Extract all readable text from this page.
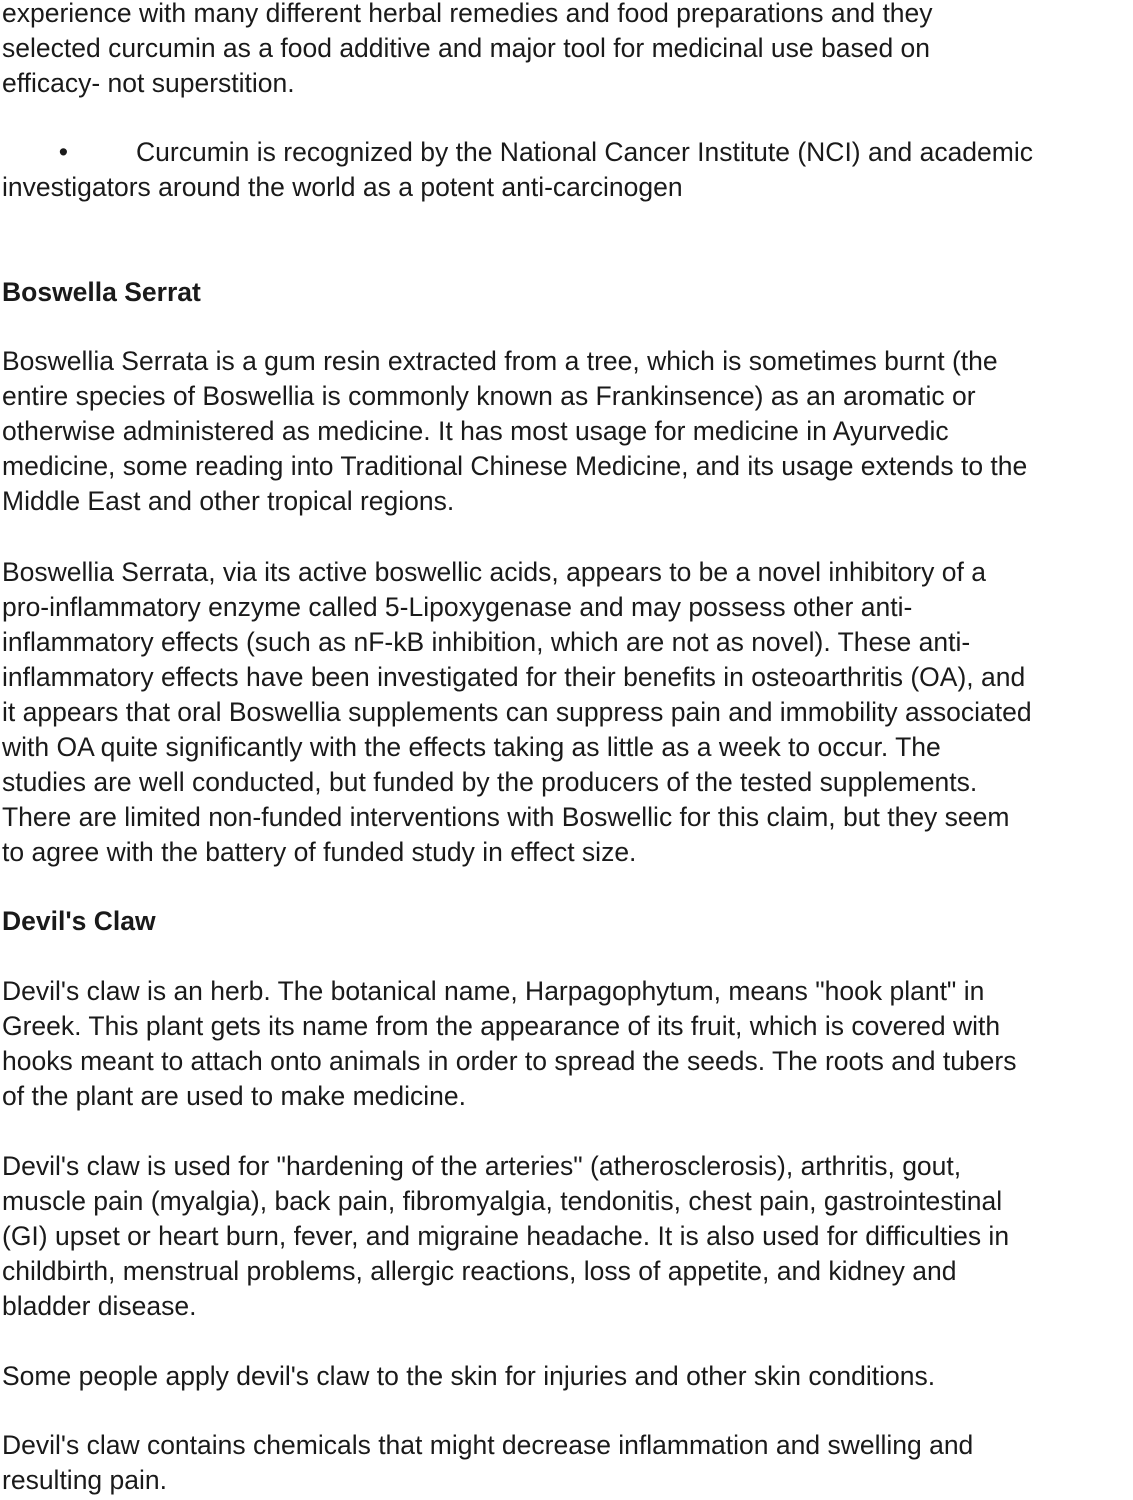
experience with many different herbal remedies and food preparations and they
selected curcumin as a food additive and major tool for medicinal use based on
efficacy- not superstition.
•	Curcumin is recognized by the National Cancer Institute (NCI) and academic
investigators around the world as a potent anti-carcinogen
Boswella Serrat
Boswellia Serrata is a gum resin extracted from a tree, which is sometimes burnt (the
entire species of Boswellia is commonly known as Frankinsence) as an aromatic or
otherwise administered as medicine. It has most usage for medicine in Ayurvedic
medicine, some reading into Traditional Chinese Medicine, and its usage extends to the
Middle East and other tropical regions.
Boswellia Serrata, via its active boswellic acids, appears to be a novel inhibitory of a
pro-inflammatory enzyme called 5-Lipoxygenase and may possess other anti-
inflammatory effects (such as nF-kB inhibition, which are not as novel). These anti-
inflammatory effects have been investigated for their benefits in osteoarthritis (OA), and
it appears that oral Boswellia supplements can suppress pain and immobility associated
with OA quite significantly with the effects taking as little as a week to occur. The
studies are well conducted, but funded by the producers of the tested supplements.
There are limited non-funded interventions with Boswellic for this claim, but they seem
to agree with the battery of funded study in effect size.
Devil's Claw
Devil's claw is an herb. The botanical name, Harpagophytum, means "hook plant" in
Greek. This plant gets its name from the appearance of its fruit, which is covered with
hooks meant to attach onto animals in order to spread the seeds. The roots and tubers
of the plant are used to make medicine.
Devil's claw is used for "hardening of the arteries" (atherosclerosis), arthritis, gout,
muscle pain (myalgia), back pain, fibromyalgia, tendonitis, chest pain, gastrointestinal
(GI) upset or heart burn, fever, and migraine headache. It is also used for difficulties in
childbirth, menstrual problems, allergic reactions, loss of appetite, and kidney and
bladder disease.
Some people apply devil's claw to the skin for injuries and other skin conditions.
Devil's claw contains chemicals that might decrease inflammation and swelling and
resulting pain.
